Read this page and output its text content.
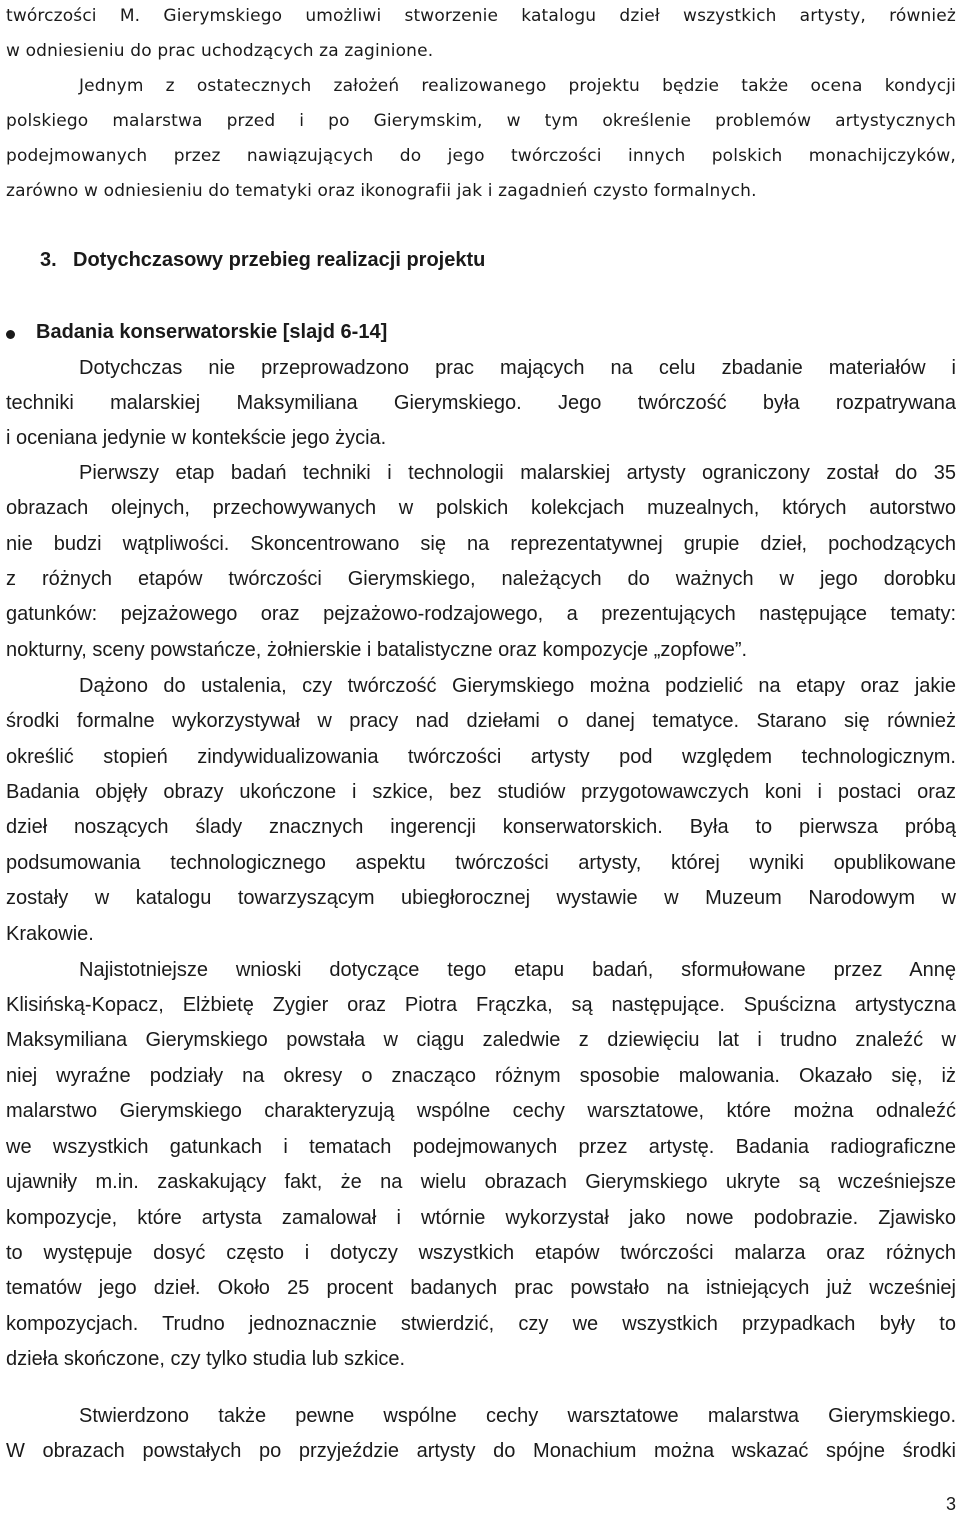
twórczości M. Gierymskiego umożliwi stworzenie katalogu dzieł wszystkich artysty, również
w odniesieniu do prac uchodzących za zaginione.
Jednym z ostatecznych założeń realizowanego projektu będzie także ocena kondycji
polskiego malarstwa przed i po Gierymskim, w tym określenie problemów artystycznych
podejmowanych przez nawiązujących do jego twórczości innych polskich monachijczyków,
zarówno w odniesieniu do tematyki oraz ikonografii jak i zagadnień czysto formalnych.
3. Dotychczasowy przebieg realizacji projektu
Badania konserwatorskie [slajd 6-14]
Dotychczas nie przeprowadzono prac mających na celu zbadanie materiałów i
techniki malarskiej Maksymiliana Gierymskiego. Jego twórczość była rozpatrywana
i oceniana jedynie w kontekście jego życia.
Pierwszy etap badań techniki i technologii malarskiej artysty ograniczony został do 35
obrazach olejnych, przechowywanych w polskich kolekcjach muzealnych, których autorstwo
nie budzi wątpliwości. Skoncentrowano się na reprezentatywnej grupie dzieł, pochodzących
z różnych etapów twórczości Gierymskiego, należących do ważnych w jego dorobku
gatunków: pejzażowego oraz pejzażowo-rodzajowego, a prezentujących następujące tematy:
nokturny, sceny powstańcze, żołnierskie i batalistyczne oraz kompozycje „zopfowe”.
Dążono do ustalenia, czy twórczość Gierymskiego można podzielić na etapy oraz jakie
środki formalne wykorzystywał w pracy nad dziełami o danej tematyce. Starano się również
określić stopień zindywidualizowania twórczości artysty pod względem technologicznym.
Badania objęły obrazy ukończone i szkice, bez studiów przygotowawczych koni i postaci oraz
dzieł noszących ślady znacznych ingerencji konserwatorskich. Była to pierwsza próbą
podsumowania technologicznego aspektu twórczości artysty, której wyniki opublikowane
zostały w katalogu towarzyszącym ubiegłorocznej wystawie w Muzeum Narodowym w
Krakowie.
Najistotniejsze wnioski dotyczące tego etapu badań, sformułowane przez Annę
Klisińską-Kopacz, Elżbietę Zygier oraz Piotra Frączka, są następujące. Spuścizna artystyczna
Maksymiliana Gierymskiego powstała w ciągu zaledwie z dziewięciu lat i trudno znaleźć w
niej wyraźne podziały na okresy o znacząco różnym sposobie malowania. Okazało się, iż
malarstwo Gierymskiego charakteryzują wspólne cechy warsztatowe, które można odnaleźć
we wszystkich gatunkach i tematach podejmowanych przez artystę. Badania radiograficzne
ujawniły m.in. zaskakujący fakt, że na wielu obrazach Gierymskiego ukryte są wcześniejsze
kompozycje, które artysta zamalował i wtórnie wykorzystał jako nowe podobrazie. Zjawisko
to występuje dosyć często i dotyczy wszystkich etapów twórczości malarza oraz różnych
tematów jego dzieł. Około 25 procent badanych prac powstało na istniejących już wcześniej
kompozycjach. Trudno jednoznacznie stwierdzić, czy we wszystkich przypadkach były to
dzieła skończone, czy tylko studia lub szkice.
Stwierdzono także pewne wspólne cechy warsztatowe malarstwa Gierymskiego.
W obrazach powstałych po przyjeździe artysty do Monachium można wskazać spójne środki
3
